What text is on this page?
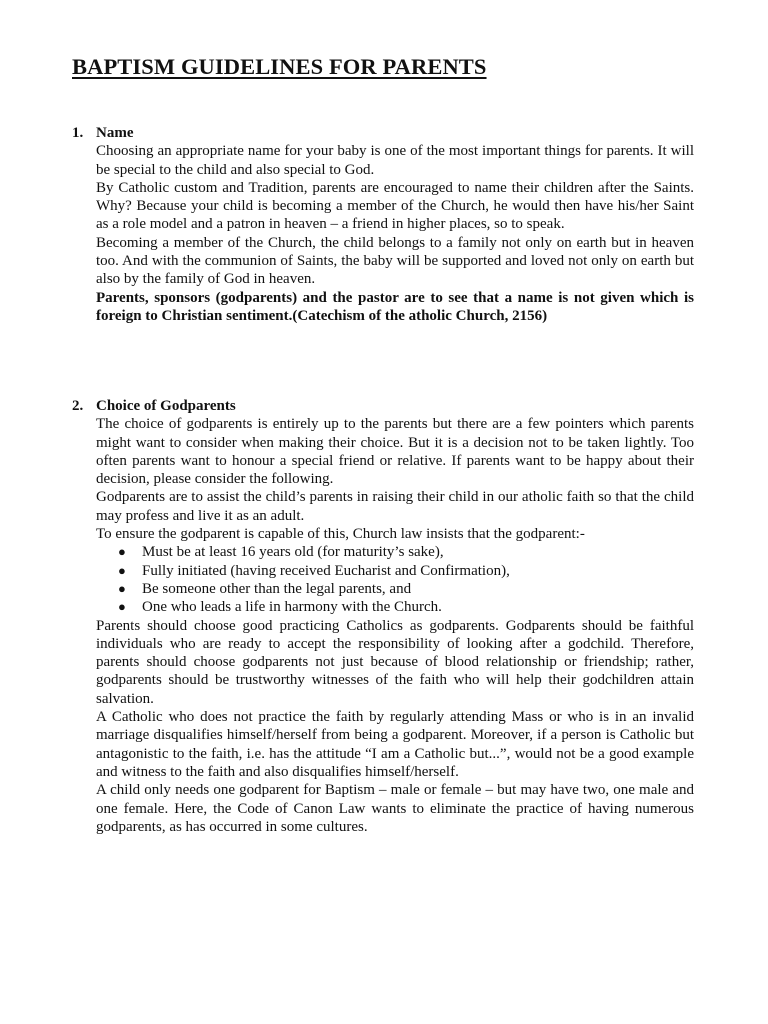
BAPTISM GUIDELINES FOR PARENTS
1. Name

Choosing an appropriate name for your baby is one of the most important things for parents. It will be special to the child and also special to God.

By Catholic custom and Tradition, parents are encouraged to name their children after the Saints. Why? Because your child is becoming a member of the Church, he would then have his/her Saint as a role model and a patron in heaven – a friend in higher places, so to speak.

Becoming a member of the Church, the child belongs to a family not only on earth but in heaven too. And with the communion of Saints, the baby will be supported and loved not only on earth but also by the family of God in heaven.

Parents, sponsors (godparents) and the pastor are to see that a name is not given which is foreign to Christian sentiment.(Catechism of the atholic Church, 2156)

2. Choice of Godparents

The choice of godparents is entirely up to the parents but there are a few pointers which parents might want to consider when making their choice. But it is a decision not to be taken lightly. Too often parents want to honour a special friend or relative. If parents want to be happy about their decision, please consider the following.

Godparents are to assist the child’s parents in raising their child in our atholic faith so that the child may profess and live it as an adult.

To ensure the godparent is capable of this, Church law insists that the godparent:-

● Must be at least 16 years old (for maturity’s sake),
● Fully initiated (having received Eucharist and Confirmation),
● Be someone other than the legal parents, and
● One who leads a life in harmony with the Church.

Parents should choose good practicing Catholics as godparents. Godparents should be faithful individuals who are ready to accept the responsibility of looking after a godchild. Therefore, parents should choose godparents not just because of blood relationship or friendship; rather, godparents should be trustworthy witnesses of the faith who will help their godchildren attain salvation.

A Catholic who does not practice the faith by regularly attending Mass or who is in an invalid marriage disqualifies himself/herself from being a godparent. Moreover, if a person is Catholic but antagonistic to the faith, i.e. has the attitude “I am a Catholic but...”, would not be a good example and witness to the faith and also disqualifies himself/herself.

A child only needs one godparent for Baptism – male or female – but may have two, one male and one female. Here, the Code of Canon Law wants to eliminate the practice of having numerous godparents, as has occurred in some cultures.
